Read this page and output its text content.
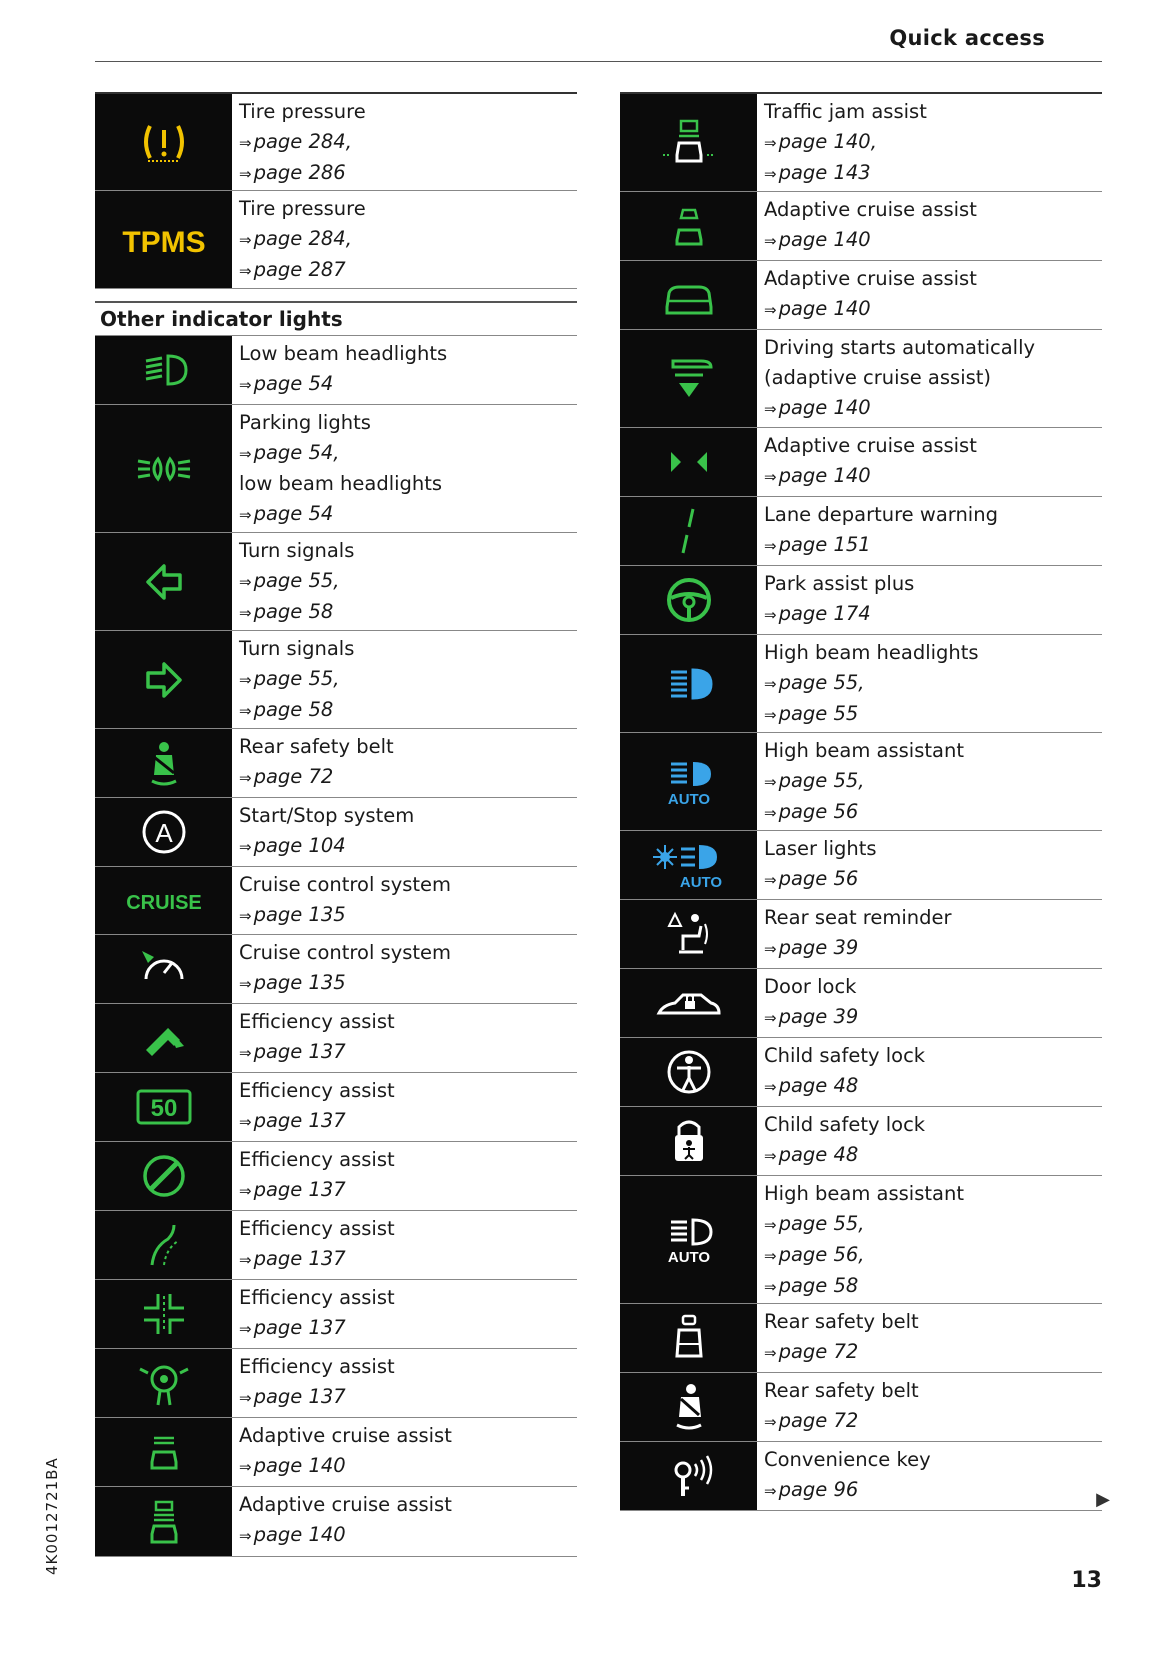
Quick access
Tire pressure
⇒ page 284,
⇒ page 286
TPMS
Tire pressure
⇒ page 284,
⇒ page 287
Other indicator lights
Low beam headlights
⇒ page 54
Parking lights
⇒ page 54,
low beam headlights
⇒ page 54
Turn signals
⇒ page 55,
⇒ page 58
Turn signals
⇒ page 55,
⇒ page 58
Rear safety belt
⇒ page 72
A
Start/Stop system
⇒ page 104
CRUISE
Cruise control system
⇒ page 135
Cruise control system
⇒ page 135
Efficiency assist
⇒ page 137
50
Efficiency assist
⇒ page 137
Efficiency assist
⇒ page 137
Efficiency assist
⇒ page 137
Efficiency assist
⇒ page 137
Efficiency assist
⇒ page 137
Adaptive cruise assist
⇒ page 140
Adaptive cruise assist
⇒ page 140
Traffic jam assist
⇒ page 140,
⇒ page 143
Adaptive cruise assist
⇒ page 140
Adaptive cruise assist
⇒ page 140
Driving starts automatically
(adaptive cruise assist)
⇒ page 140
Adaptive cruise assist
⇒ page 140
Lane departure warning
⇒ page 151
Park assist plus
⇒ page 174
High beam headlights
⇒ page 55,
⇒ page 55
AUTO
High beam assistant
⇒ page 55,
⇒ page 56
AUTO
Laser lights
⇒ page 56
Rear seat reminder
⇒ page 39
Door lock
⇒ page 39
Child safety lock
⇒ page 48
Child safety lock
⇒ page 48
AUTO
High beam assistant
⇒ page 55,
⇒ page 56,
⇒ page 58
Rear safety belt
⇒ page 72
Rear safety belt
⇒ page 72
Convenience key
⇒ page 96
4K0012721BA
13
▶
